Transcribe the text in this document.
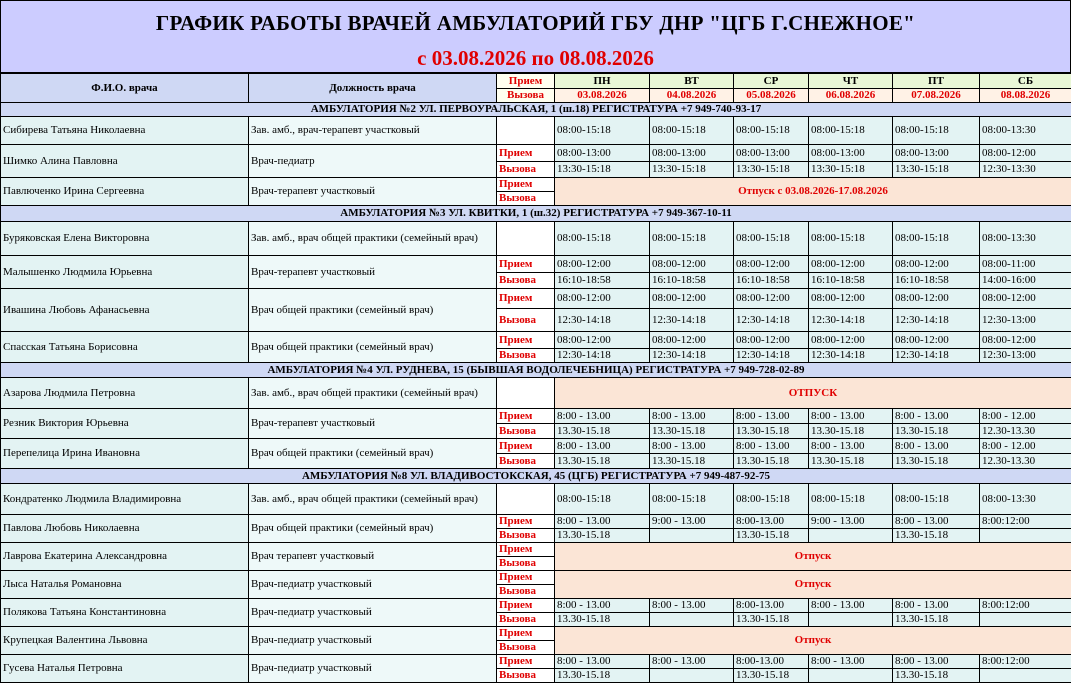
ГРАФИК РАБОТЫ ВРАЧЕЙ АМБУЛАТОРИЙ ГБУ ДНР "ЦГБ Г.СНЕЖНОЕ"
с 03.08.2026 по 08.08.2026
Ф.И.О. врача	Должность врача	Прием	ПН	ВТ	СР	ЧТ	ПТ	СБ
		Вызова	03.08.2026	04.08.2026	05.08.2026	06.08.2026	07.08.2026	08.08.2026
АМБУЛАТОРИЯ №2 УЛ. ПЕРВОУРАЛЬСКАЯ, 1 (ш.18) РЕГИСТРАТУРА +7 949-740-93-17								
Сибирева Татьяна Николаевна	Зав. амб., врач-терапевт участковый		08:00-15:18	08:00-15:18	08:00-15:18	08:00-15:18	08:00-15:18	08:00-13:30
Шимко Алина Павловна	Врач-педиатр	Прием	08:00-13:00	08:00-13:00	08:00-13:00	08:00-13:00	08:00-13:00	08:00-12:00
		Вызова	13:30-15:18	13:30-15:18	13:30-15:18	13:30-15:18	13:30-15:18	12:30-13:30
Павлюченко Ирина Сергеевна	Врач-терапевт участковый	Прием	Отпуск с 03.08.2026-17.08.2026					
		Вызова						
АМБУЛАТОРИЯ №3 УЛ. КВИТКИ, 1 (ш.32) РЕГИСТРАТУРА +7 949-367-10-11								
Буряковская Елена Викторовна	Зав. амб., врач общей практики (семейный врач)		08:00-15:18	08:00-15:18	08:00-15:18	08:00-15:18	08:00-15:18	08:00-13:30
Малышенко Людмила Юрьевна	Врач-терапевт участковый	Прием	08:00-12:00	08:00-12:00	08:00-12:00	08:00-12:00	08:00-12:00	08:00-11:00
		Вызова	16:10-18:58	16:10-18:58	16:10-18:58	16:10-18:58	16:10-18:58	14:00-16:00
Ивашина Любовь Афанасьевна	Врач общей практики (семейный врач)	Прием	08:00-12:00	08:00-12:00	08:00-12:00	08:00-12:00	08:00-12:00	08:00-12:00
		Вызова	12:30-14:18	12:30-14:18	12:30-14:18	12:30-14:18	12:30-14:18	12:30-13:00
Спасская Татьяна Борисовна	Врач общей практики (семейный врач)	Прием	08:00-12:00	08:00-12:00	08:00-12:00	08:00-12:00	08:00-12:00	08:00-12:00
		Вызова	12:30-14:18	12:30-14:18	12:30-14:18	12:30-14:18	12:30-14:18	12:30-13:00
АМБУЛАТОРИЯ №4 УЛ. РУДНЕВА, 15 (БЫВШАЯ ВОДОЛЕЧЕБНИЦА) РЕГИСТРАТУРА +7 949-728-02-89								
Азарова Людмила Петровна	Зав. амб., врач общей практики (семейный врач)		ОТПУСК					
Резник Виктория Юрьевна	Врач-терапевт участковый	Прием	8:00 - 13.00	8:00 - 13.00	8:00 - 13.00	8:00 - 13.00	8:00 - 13.00	8:00 - 12.00
		Вызова	13.30-15.18	13.30-15.18	13.30-15.18	13.30-15.18	13.30-15.18	12.30-13.30
Перепелица Ирина Ивановна	Врач общей практики (семейный врач)	Прием	8:00 - 13.00	8:00 - 13.00	8:00 - 13.00	8:00 - 13.00	8:00 - 13.00	8:00 - 12.00
		Вызова	13.30-15.18	13.30-15.18	13.30-15.18	13.30-15.18	13.30-15.18	12.30-13.30
АМБУЛАТОРИЯ №8 УЛ. ВЛАДИВОСТОКСКАЯ, 45 (ЦГБ) РЕГИСТРАТУРА +7 949-487-92-75								
Кондратенко Людмила Владимировна	Зав. амб., врач общей практики (семейный врач)		08:00-15:18	08:00-15:18	08:00-15:18	08:00-15:18	08:00-15:18	08:00-13:30
Павлова Любовь Николаевна	Врач общей практики (семейный врач)	Прием	8:00 - 13.00	9:00 - 13.00	8:00-13.00	9:00 - 13.00	8:00 - 13.00	8:00:12:00
		Вызова	13.30-15.18		13.30-15.18		13.30-15.18	
Лаврова Екатерина Александровна	Врач терапевт участковый	Прием	Отпуск					
		Вызова						
Лыса Наталья Романовна	Врач-педиатр участковый	Прием	Отпуск					
		Вызова						
Полякова Татьяна Константиновна	Врач-педиатр участковый	Прием	8:00 - 13.00	8:00 - 13.00	8:00-13.00	8:00 - 13.00	8:00 - 13.00	8:00:12:00
		Вызова	13.30-15.18		13.30-15.18		13.30-15.18	
Крупецкая Валентина Львовна	Врач-педиатр участковый	Прием	Отпуск					
		Вызова						
Гусева Наталья Петровна	Врач-педиатр участковый	Прием	8:00 - 13.00	8:00 - 13.00	8:00-13.00	8:00 - 13.00	8:00 - 13.00	8:00:12:00
		Вызова	13.30-15.18		13.30-15.18		13.30-15.18	
